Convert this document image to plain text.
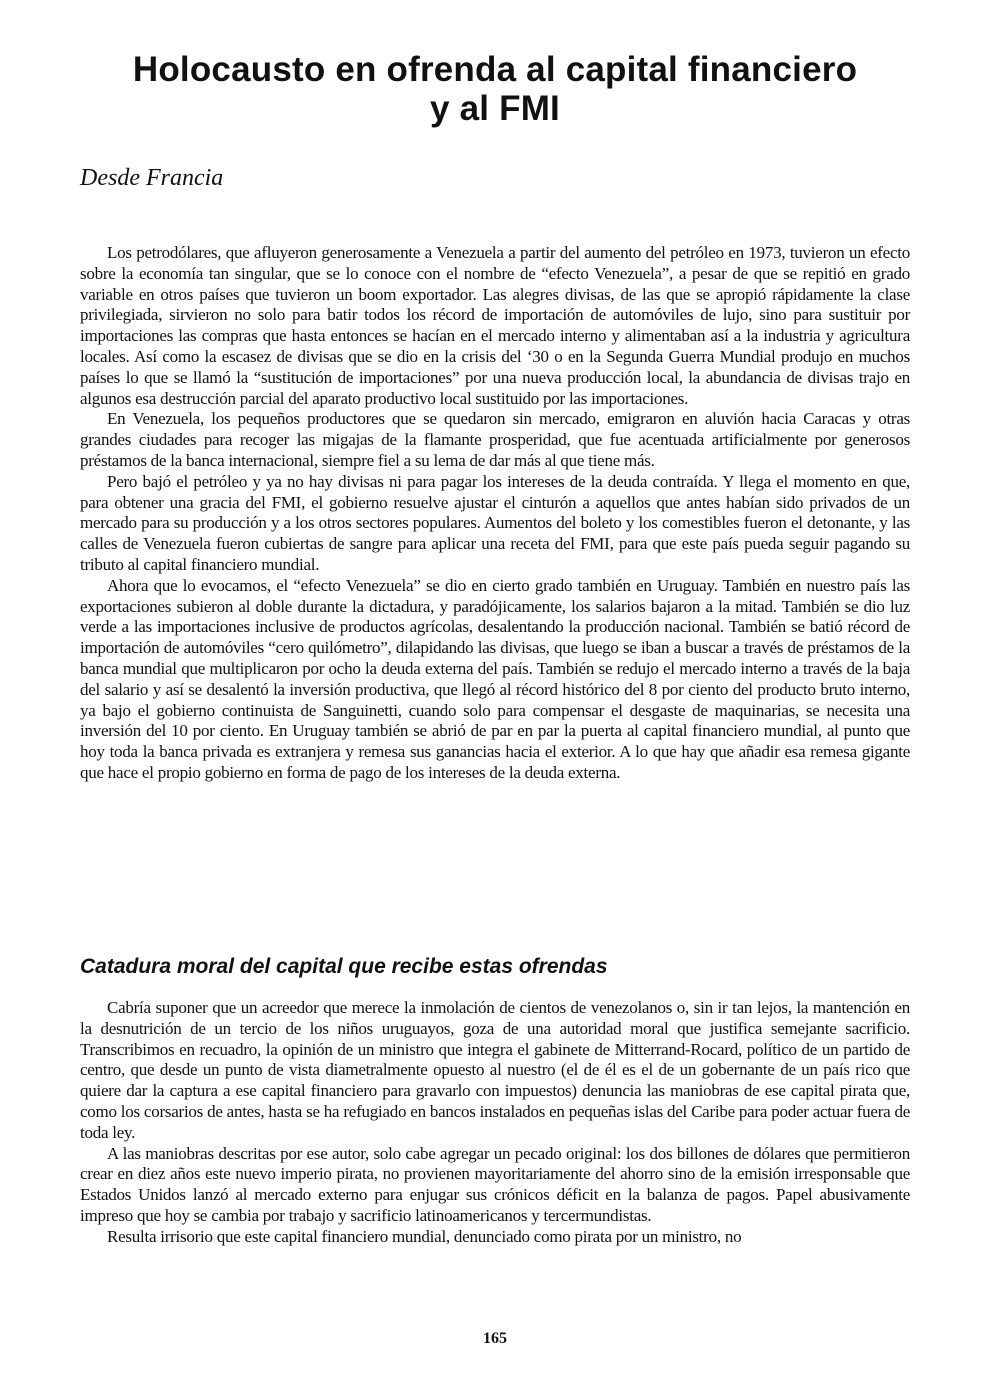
Holocausto en ofrenda al capital financiero
y al FMI

Desde Francia

Los petrodólares, que afluyeron generosamente a Venezuela a partir del aumento del petróleo en 1973, tuvieron un efecto sobre la economía tan singular, que se lo conoce con el nombre de “efecto Venezuela”, a pesar de que se repitió en grado variable en otros países que tuvieron un boom exportador. Las alegres divisas, de las que se apropió rápidamente la clase privilegiada, sirvieron no solo para batir todos los récord de importación de automóviles de lujo, sino para sustituir por importaciones las compras que hasta entonces se hacían en el mercado interno y alimentaban así a la industria y agricultura locales. Así como la escasez de divisas que se dio en la crisis del ‘30 o en la Segunda Guerra Mundial produjo en muchos países lo que se llamó la “sustitución de importaciones” por una nueva producción local, la abundancia de divisas trajo en algunos esa destrucción parcial del aparato productivo local sustituido por las importaciones.

En Venezuela, los pequeños productores que se quedaron sin mercado, emigraron en aluvión hacia Caracas y otras grandes ciudades para recoger las migajas de la flamante prosperidad, que fue acentuada artificialmente por generosos préstamos de la banca internacional, siempre fiel a su lema de dar más al que tiene más.

Pero bajó el petróleo y ya no hay divisas ni para pagar los intereses de la deuda contraída. Y llega el momento en que, para obtener una gracia del FMI, el gobierno resuelve ajustar el cinturón a aquellos que antes habían sido privados de un mercado para su producción y a los otros sectores populares. Aumentos del boleto y los comestibles fueron el detonante, y las calles de Venezuela fueron cubiertas de sangre para aplicar una receta del FMI, para que este país pueda seguir pagando su tributo al capital financiero mundial.

Ahora que lo evocamos, el “efecto Venezuela” se dio en cierto grado también en Uruguay. También en nuestro país las exportaciones subieron al doble durante la dictadura, y paradójicamente, los salarios bajaron a la mitad. También se dio luz verde a las importaciones inclusive de productos agrícolas, desalentando la producción nacional. También se batió récord de importación de automóviles “cero quilómetro”, dilapidando las divisas, que luego se iban a buscar a través de préstamos de la banca mundial que multiplicaron por ocho la deuda externa del país. También se redujo el mercado interno a través de la baja del salario y así se desalentó la inversión productiva, que llegó al récord histórico del 8 por ciento del producto bruto interno, ya bajo el gobierno continuista de Sanguinetti, cuando solo para compensar el desgaste de maquinarias, se necesita una inversión del 10 por ciento. En Uruguay también se abrió de par en par la puerta al capital financiero mundial, al punto que hoy toda la banca privada es extranjera y remesa sus ganancias hacia el exterior. A lo que hay que añadir esa remesa gigante que hace el propio gobierno en forma de pago de los intereses de la deuda externa.

Catadura moral del capital que recibe estas ofrendas

Cabría suponer que un acreedor que merece la inmolación de cientos de venezolanos o, sin ir tan lejos, la mantención en la desnutrición de un tercio de los niños uruguayos, goza de una autoridad moral que justifica semejante sacrificio. Transcribimos en recuadro, la opinión de un ministro que integra el gabinete de Mitterrand-Rocard, político de un partido de centro, que desde un punto de vista diametralmente opuesto al nuestro (el de él es el de un gobernante de un país rico que quiere dar la captura a ese capital financiero para gravarlo con impuestos) denuncia las maniobras de ese capital pirata que, como los corsarios de antes, hasta se ha refugiado en bancos instalados en pequeñas islas del Caribe para poder actuar fuera de toda ley.

A las maniobras descritas por ese autor, solo cabe agregar un pecado original: los dos billones de dólares que permitieron crear en diez años este nuevo imperio pirata, no provienen mayoritariamente del ahorro sino de la emisión irresponsable que Estados Unidos lanzó al mercado externo para enjugar sus crónicos déficit en la balanza de pagos. Papel abusivamente impreso que hoy se cambia por trabajo y sacrificio latinoamericanos y tercermundistas.

Resulta irrisorio que este capital financiero mundial, denunciado como pirata por un ministro, no

165
